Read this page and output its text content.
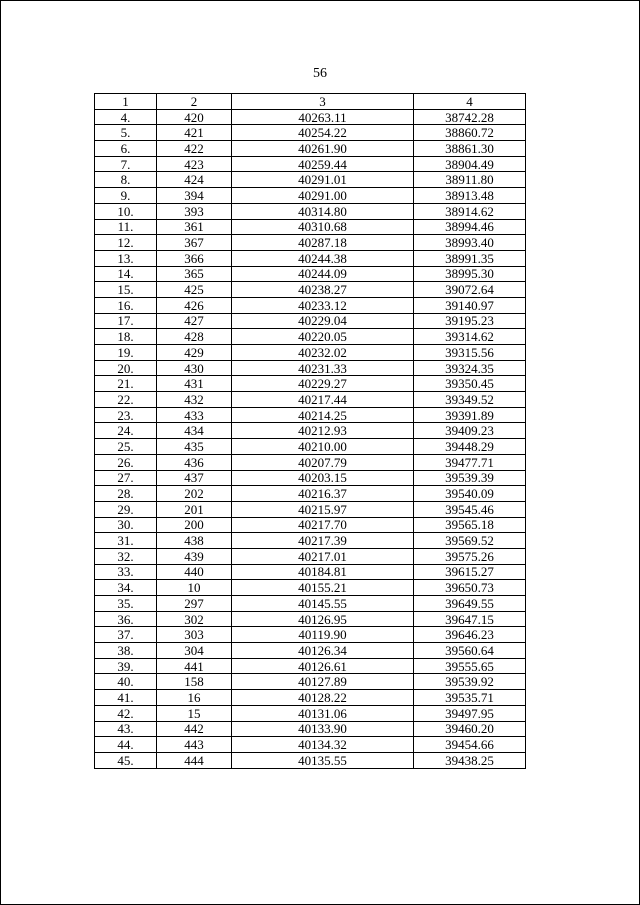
56
1	2	3	4
4.	420	40263.11	38742.28
5.	421	40254.22	38860.72
6.	422	40261.90	38861.30
7.	423	40259.44	38904.49
8.	424	40291.01	38911.80
9.	394	40291.00	38913.48
10.	393	40314.80	38914.62
11.	361	40310.68	38994.46
12.	367	40287.18	38993.40
13.	366	40244.38	38991.35
14.	365	40244.09	38995.30
15.	425	40238.27	39072.64
16.	426	40233.12	39140.97
17.	427	40229.04	39195.23
18.	428	40220.05	39314.62
19.	429	40232.02	39315.56
20.	430	40231.33	39324.35
21.	431	40229.27	39350.45
22.	432	40217.44	39349.52
23.	433	40214.25	39391.89
24.	434	40212.93	39409.23
25.	435	40210.00	39448.29
26.	436	40207.79	39477.71
27.	437	40203.15	39539.39
28.	202	40216.37	39540.09
29.	201	40215.97	39545.46
30.	200	40217.70	39565.18
31.	438	40217.39	39569.52
32.	439	40217.01	39575.26
33.	440	40184.81	39615.27
34.	10	40155.21	39650.73
35.	297	40145.55	39649.55
36.	302	40126.95	39647.15
37.	303	40119.90	39646.23
38.	304	40126.34	39560.64
39.	441	40126.61	39555.65
40.	158	40127.89	39539.92
41.	16	40128.22	39535.71
42.	15	40131.06	39497.95
43.	442	40133.90	39460.20
44.	443	40134.32	39454.66
45.	444	40135.55	39438.25
